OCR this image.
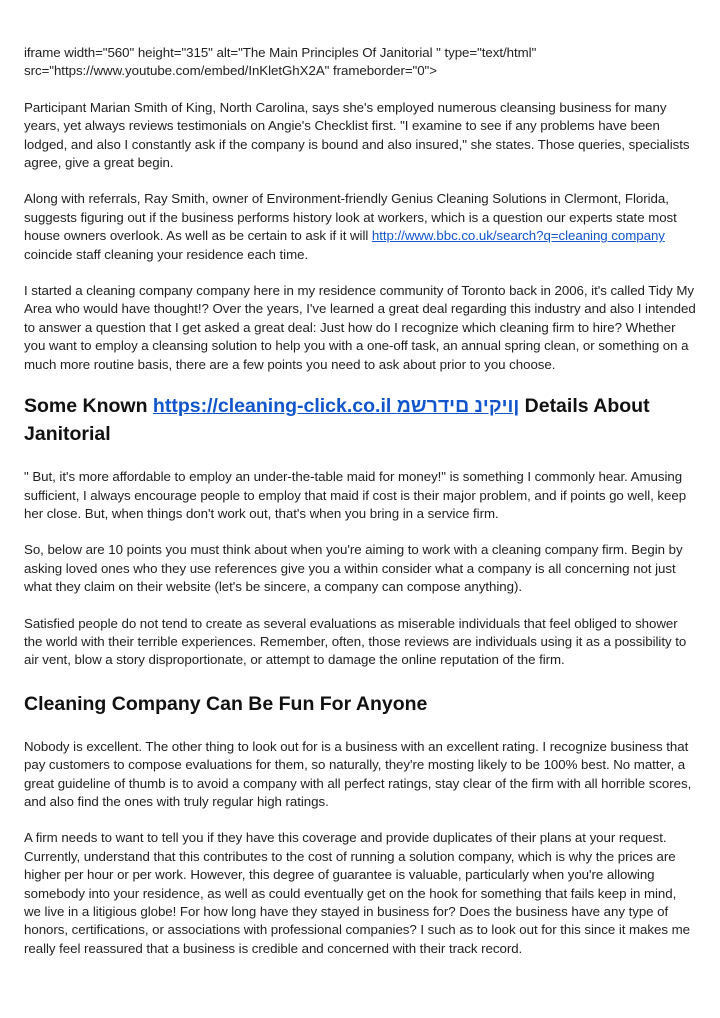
iframe width="560" height="315" alt="The Main Principles Of Janitorial " type="text/html" src="https://www.youtube.com/embed/InKletGhX2A" frameborder="0">

Participant Marian Smith of King, North Carolina, says she's employed numerous cleansing business for many years, yet always reviews testimonials on Angie's Checklist first. "I examine to see if any problems have been lodged, and also I constantly ask if the company is bound and also insured," she states. Those queries, specialists agree, give a great begin.

Along with referrals, Ray Smith, owner of Environment-friendly Genius Cleaning Solutions in Clermont, Florida, suggests figuring out if the business performs history look at workers, which is a question our experts state most house owners overlook. As well as be certain to ask if it will http://www.bbc.co.uk/search?q=cleaning company coincide staff cleaning your residence each time.

I started a cleaning company company here in my residence community of Toronto back in 2006, it's called Tidy My Area who would have thought!? Over the years, I've learned a great deal regarding this industry and also I intended to answer a question that I get asked a great deal: Just how do I recognize which cleaning firm to hire? Whether you want to employ a cleansing solution to help you with a one-off task, an annual spring clean, or something on a much more routine basis, there are a few points you need to ask about prior to you choose.

Some Known https://cleaning-click.co.il ןויקינ םידרשמ Details About Janitorial

" But, it's more affordable to employ an under-the-table maid for money!" is something I commonly hear. Amusing sufficient, I always encourage people to employ that maid if cost is their major problem, and if points go well, keep her close. But, when things don't work out, that's when you bring in a service firm.

So, below are 10 points you must think about when you're aiming to work with a cleaning company firm. Begin by asking loved ones who they use references give you a within consider what a company is all concerning not just what they claim on their website (let's be sincere, a company can compose anything).

Satisfied people do not tend to create as several evaluations as miserable individuals that feel obliged to shower the world with their terrible experiences. Remember, often, those reviews are individuals using it as a possibility to air vent, blow a story disproportionate, or attempt to damage the online reputation of the firm.

Cleaning Company Can Be Fun For Anyone

Nobody is excellent. The other thing to look out for is a business with an excellent rating. I recognize business that pay customers to compose evaluations for them, so naturally, they're mosting likely to be 100% best. No matter, a great guideline of thumb is to avoid a company with all perfect ratings, stay clear of the firm with all horrible scores, and also find the ones with truly regular high ratings.

A firm needs to want to tell you if they have this coverage and provide duplicates of their plans at your request. Currently, understand that this contributes to the cost of running a solution company, which is why the prices are higher per hour or per work. However, this degree of guarantee is valuable, particularly when you're allowing somebody into your residence, as well as could eventually get on the hook for something that fails keep in mind, we live in a litigious globe! For how long have they stayed in business for? Does the business have any type of honors, certifications, or associations with professional companies? I such as to look out for this since it makes me really feel reassured that a business is credible and concerned with their track record.
